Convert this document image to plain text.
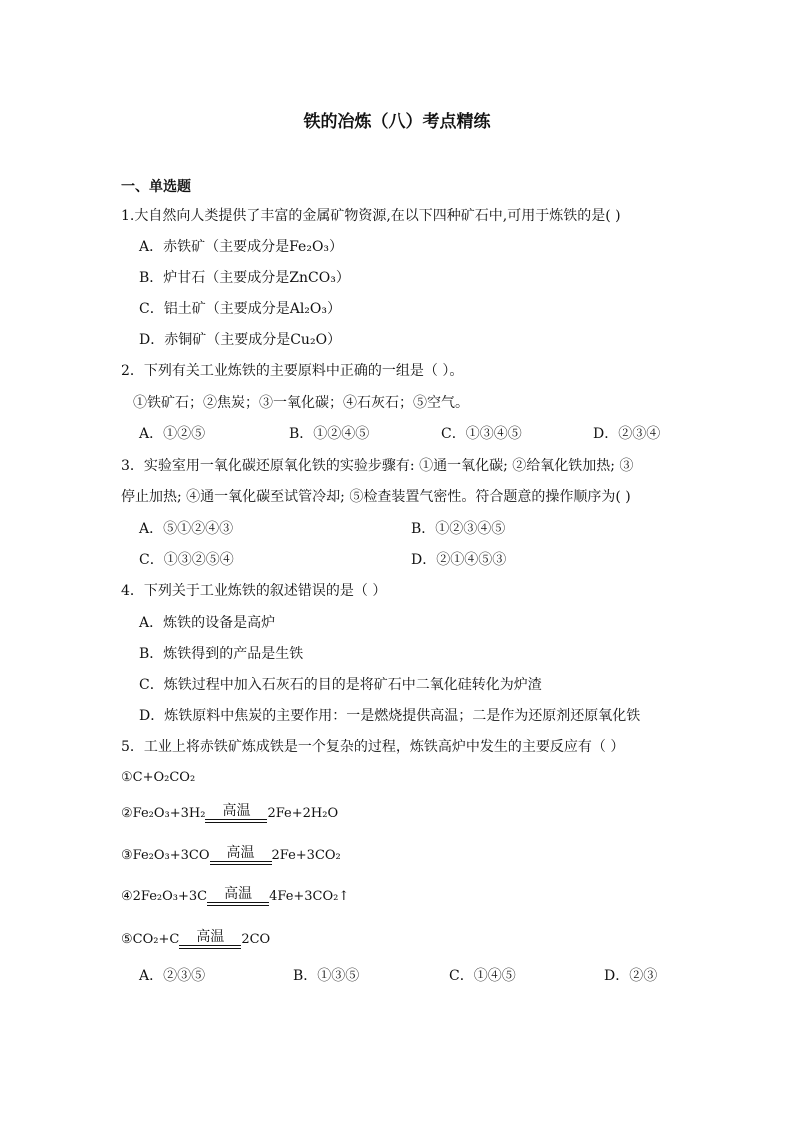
铁的冶炼（八）考点精练
一、单选题
1.大自然向人类提供了丰富的金属矿物资源,在以下四种矿石中,可用于炼铁的是( )
A．赤铁矿（主要成分是Fe₂O₃）
B．炉甘石（主要成分是ZnCO₃）
C．铝土矿（主要成分是Al₂O₃）
D．赤铜矿（主要成分是Cu₂O）
2．下列有关工业炼铁的主要原料中正确的一组是（ ）。
①铁矿石；②焦炭；③一氧化碳；④石灰石；⑤空气。
A．①②⑤	B．①②④⑤	C．①③④⑤	D．②③④
3．实验室用一氧化碳还原氧化铁的实验步骤有: ①通一氧化碳; ②给氧化铁加热; ③
停止加热; ④通一氧化碳至试管冷却; ⑤检查装置气密性。符合题意的操作顺序为( )
A．⑤①②④③	B．①②③④⑤
C．①③②⑤④	D．②①④⑤③
4．下列关于工业炼铁的叙述错误的是（ ）
A．炼铁的设备是高炉
B．炼铁得到的产品是生铁
C．炼铁过程中加入石灰石的目的是将矿石中二氧化硅转化为炉渣
D．炼铁原料中焦炭的主要作用：一是燃烧提供高温；二是作为还原剂还原氧化铁
5．工业上将赤铁矿炼成铁是一个复杂的过程，炼铁高炉中发生的主要反应有（ ）
①C+O₂CO₂
②Fe₂O₃+3H₂	高温	2Fe+2H₂O
③Fe₂O₃+3CO	高温	2Fe+3CO₂
④2Fe₂O₃+3C	高温	4Fe+3CO₂↑
⑤CO₂+C	高温	2CO
A．②③⑤	B．①③⑤	C．①④⑤	D．②③
